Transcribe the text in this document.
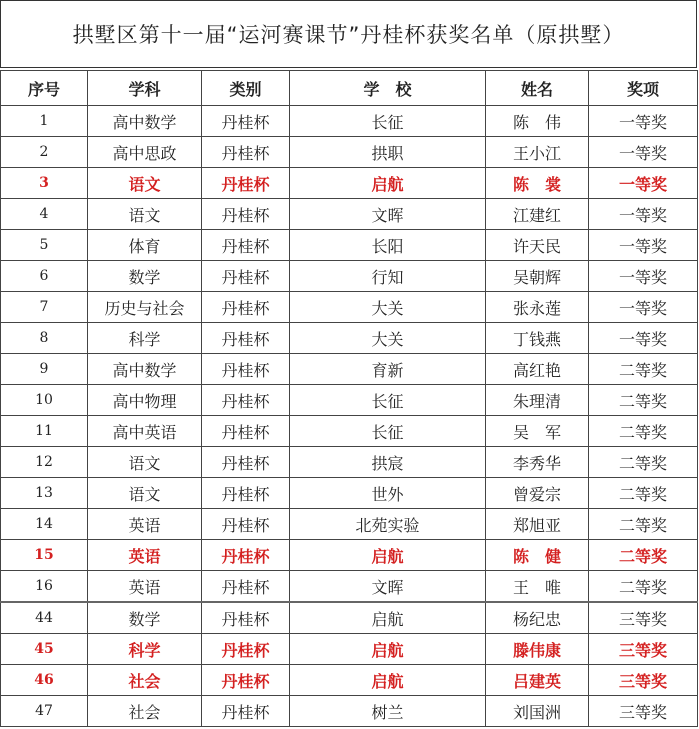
拱墅区第十一届“运河赛课节”丹桂杯获奖名单（原拱墅）
序号	学科	类别	学　校	姓名	奖项
1	高中数学	丹桂杯	长征	陈　伟	一等奖
2	高中思政	丹桂杯	拱职	王小江	一等奖
3	语文	丹桂杯	启航	陈　裳	一等奖
4	语文	丹桂杯	文晖	江建红	一等奖
5	体育	丹桂杯	长阳	许天民	一等奖
6	数学	丹桂杯	行知	吴朝辉	一等奖
7	历史与社会	丹桂杯	大关	张永莲	一等奖
8	科学	丹桂杯	大关	丁钱燕	一等奖
9	高中数学	丹桂杯	育新	高红艳	二等奖
10	高中物理	丹桂杯	长征	朱理清	二等奖
11	高中英语	丹桂杯	长征	吴　军	二等奖
12	语文	丹桂杯	拱宸	李秀华	二等奖
13	语文	丹桂杯	世外	曾爱宗	二等奖
14	英语	丹桂杯	北苑实验	郑旭亚	二等奖
15	英语	丹桂杯	启航	陈　健	二等奖
16	英语	丹桂杯	文晖	王　唯	二等奖
44	数学	丹桂杯	启航	杨纪忠	三等奖
45	科学	丹桂杯	启航	滕伟康	三等奖
46	社会	丹桂杯	启航	吕建英	三等奖
47	社会	丹桂杯	树兰	刘国洲	三等奖
